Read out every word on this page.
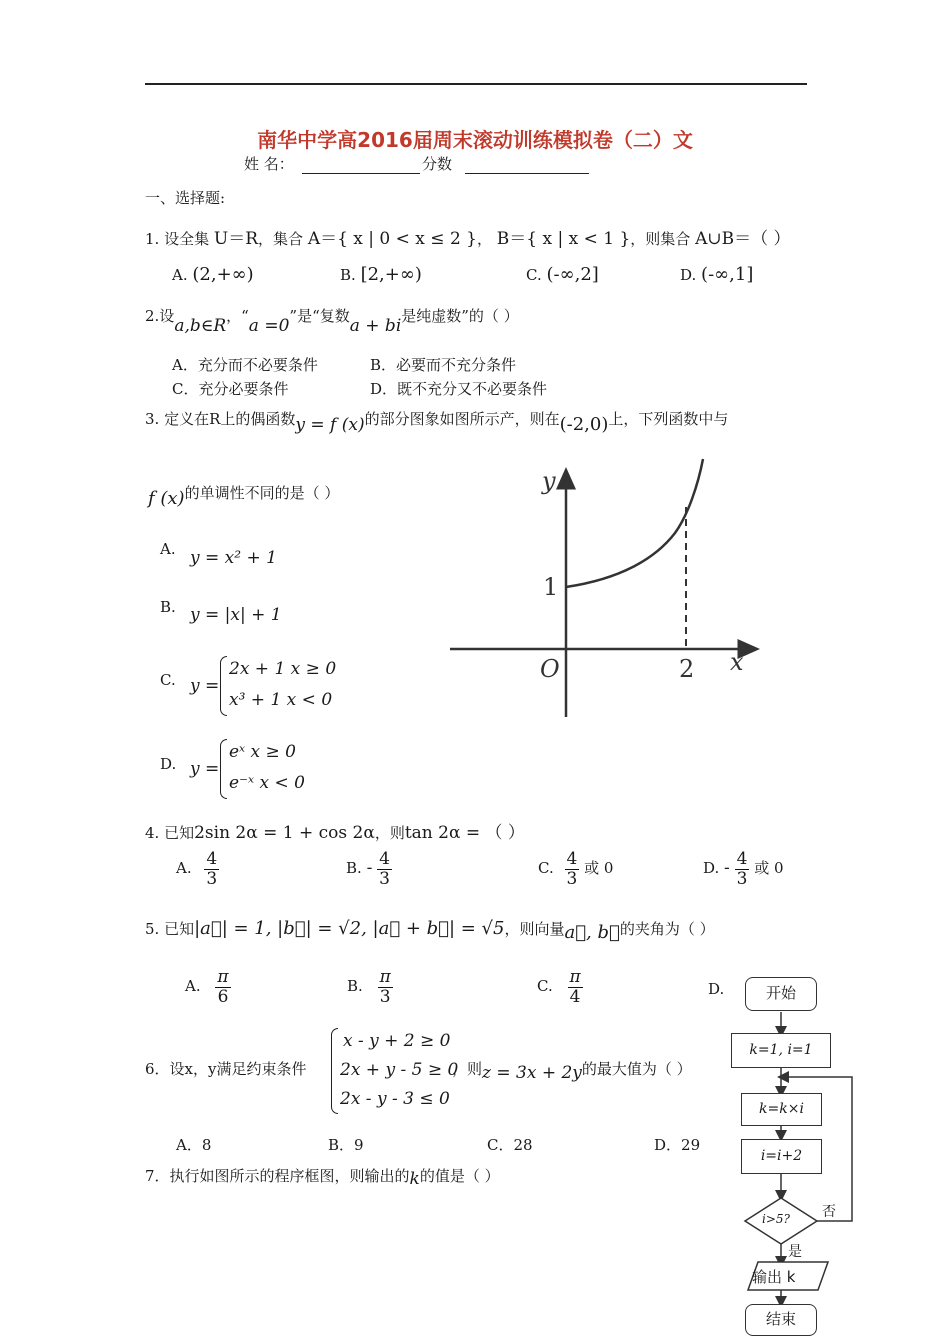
南华中学高2016届周末滚动训练模拟卷（二）文
姓 名：	分数
一、选择题:
1. 设全集 U＝R，集合 A＝{ x | 0 < x ≤ 2 }， B＝{ x | x < 1 }，则集合 A∪B＝（ ）
A. (2,+∞)	B. [2,+∞)	C. (-∞,2]	D. (-∞,1]
2.设a,b∈R，“a =0”是“复数a + bi是纯虚数”的（ ）
A．充分而不必要条件	B．必要而不充分条件
C．充分必要条件	D．既不充分又不必要条件
3. 定义在R上的偶函数y = f (x)的部分图象如图所示产，则在(-2,0)上，下列函数中与
f (x)的单调性不同的是（ ）
A. y = x² + 1
B. y = |x| + 1
C. y =
2x + 1 x ≥ 0
x³ + 1 x < 0
D. y =
eˣ x ≥ 0
e⁻ˣ x < 0
y
x
O
1
2
4. 已知2sin 2α = 1 + cos 2α，则tan 2α = （ ）
A. $\frac{4}{3}$	B. - $\frac{4}{3}$	C. $\frac{4}{3}$ 或 0	D. - $\frac{4}{3}$ 或 0
5. 已知|a⃗| = 1, |b⃗| = √2, |a⃗ + b⃗| = √5，则向量a⃗, b⃗的夹角为（ ）
A. $\frac{\pi}{6}$	B. $\frac{\pi}{3}$	C. $\frac{\pi}{4}$	D.
6．设x，y满足约束条件
x - y + 2 ≥ 0
2x + y - 5 ≥ 0
2x - y - 3 ≤ 0
，则z = 3x + 2y的最大值为（ ）
A．8	B．9	C．28	D．29
7．执行如图所示的程序框图，则输出的k的值是（ ）
开始
k=1, i=1
k=k×i
i=i+2
i>5? 否
是
输出 k
结束
